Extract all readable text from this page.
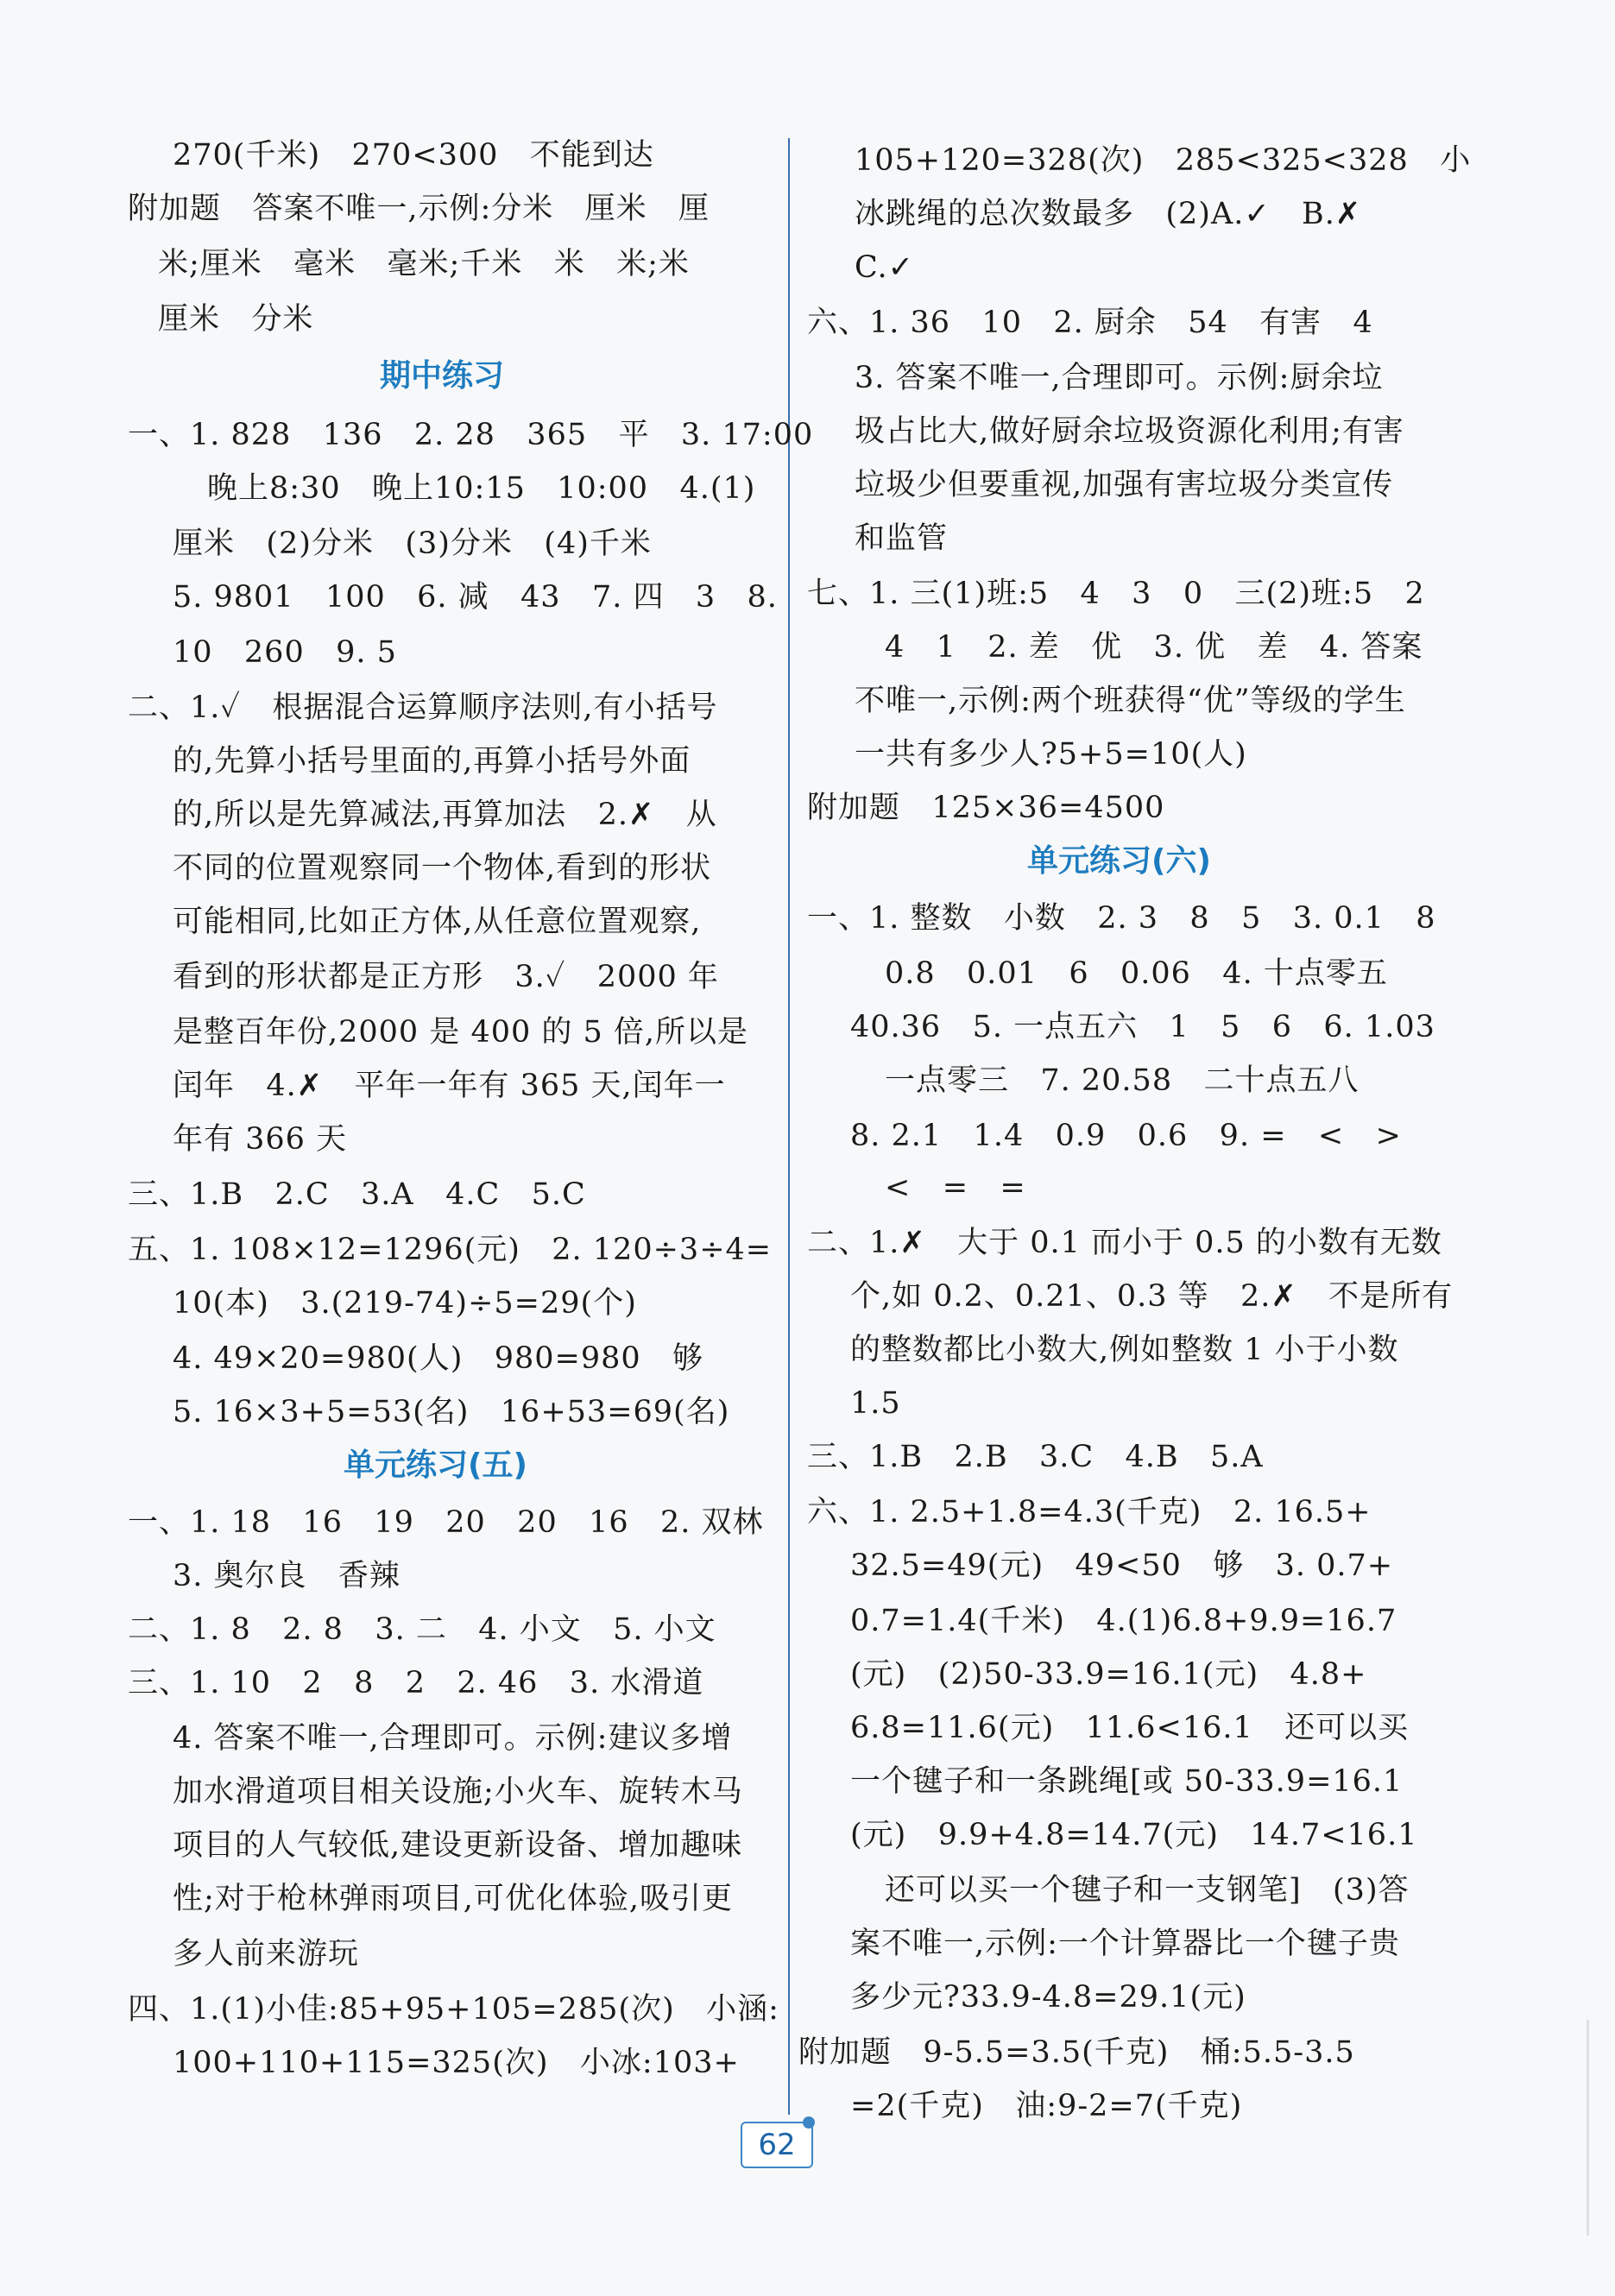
270(千米)   270<300   不能到达
附加题   答案不唯一,示例:分米   厘米   厘
米;厘米   毫米   毫米;千米   米   米;米
厘米   分米
期中练习
一、1. 828   136   2. 28   365   平   3. 17:00
晚上8:30   晚上10:15   10:00   4.(1)
厘米   (2)分米   (3)分米   (4)千米
5. 9801   100   6. 减   43   7. 四   3   8.
10   260   9. 5
二、1.✓   根据混合运算顺序法则,有小括号
的,先算小括号里面的,再算小括号外面
的,所以是先算减法,再算加法   2.✗   从
不同的位置观察同一个物体,看到的形状
可能相同,比如正方体,从任意位置观察,
看到的形状都是正方形   3.✓   2000 年
是整百年份,2000 是 400 的 5 倍,所以是
闰年   4.✗   平年一年有 365 天,闰年一
年有 366 天
三、1.B   2.C   3.A   4.C   5.C
五、1. 108×12=1296(元)   2. 120÷3÷4=
10(本)   3.(219-74)÷5=29(个)
4. 49×20=980(人)   980=980   够
5. 16×3+5=53(名)   16+53=69(名)
单元练习(五)
一、1. 18   16   19   20   20   16   2. 双林
3. 奥尔良   香辣
二、1. 8   2. 8   3. 二   4. 小文   5. 小文
三、1. 10   2   8   2   2. 46   3. 水滑道
4. 答案不唯一,合理即可。示例:建议多增
加水滑道项目相关设施;小火车、旋转木马
项目的人气较低,建设更新设备、增加趣味
性;对于枪林弹雨项目,可优化体验,吸引更
多人前来游玩
四、1.(1)小佳:85+95+105=285(次)   小涵:
100+110+115=325(次)   小冰:103+
105+120=328(次)   285<325<328   小
冰跳绳的总次数最多   (2)A.✓   B.✗
C.✓
六、1. 36   10   2. 厨余   54   有害   4
3. 答案不唯一,合理即可。示例:厨余垃
圾占比大,做好厨余垃圾资源化利用;有害
垃圾少但要重视,加强有害垃圾分类宣传
和监管
七、1. 三(1)班:5   4   3   0   三(2)班:5   2
4   1   2. 差   优   3. 优   差   4. 答案
不唯一,示例:两个班获得“优”等级的学生
一共有多少人?5+5=10(人)
附加题   125×36=4500
单元练习(六)
一、1. 整数   小数   2. 3   8   5   3. 0.1   8
0.8   0.01   6   0.06   4. 十点零五
40.36   5. 一点五六   1   5   6   6. 1.03
一点零三   7. 20.58   二十点五八
8. 2.1   1.4   0.9   0.6   9. =   <   >
<   =   =
二、1.✗   大于 0.1 而小于 0.5 的小数有无数
个,如 0.2、0.21、0.3 等   2.✗   不是所有
的整数都比小数大,例如整数 1 小于小数
1.5
三、1.B   2.B   3.C   4.B   5.A
六、1. 2.5+1.8=4.3(千克)   2. 16.5+
32.5=49(元)   49<50   够   3. 0.7+
0.7=1.4(千米)   4.(1)6.8+9.9=16.7
(元)   (2)50-33.9=16.1(元)   4.8+
6.8=11.6(元)   11.6<16.1   还可以买
一个毽子和一条跳绳[或 50-33.9=16.1
(元)   9.9+4.8=14.7(元)   14.7<16.1
还可以买一个毽子和一支钢笔]   (3)答
案不唯一,示例:一个计算器比一个毽子贵
多少元?33.9-4.8=29.1(元)
附加题   9-5.5=3.5(千克)   桶:5.5-3.5
=2(千克)   油:9-2=7(千克)
62
